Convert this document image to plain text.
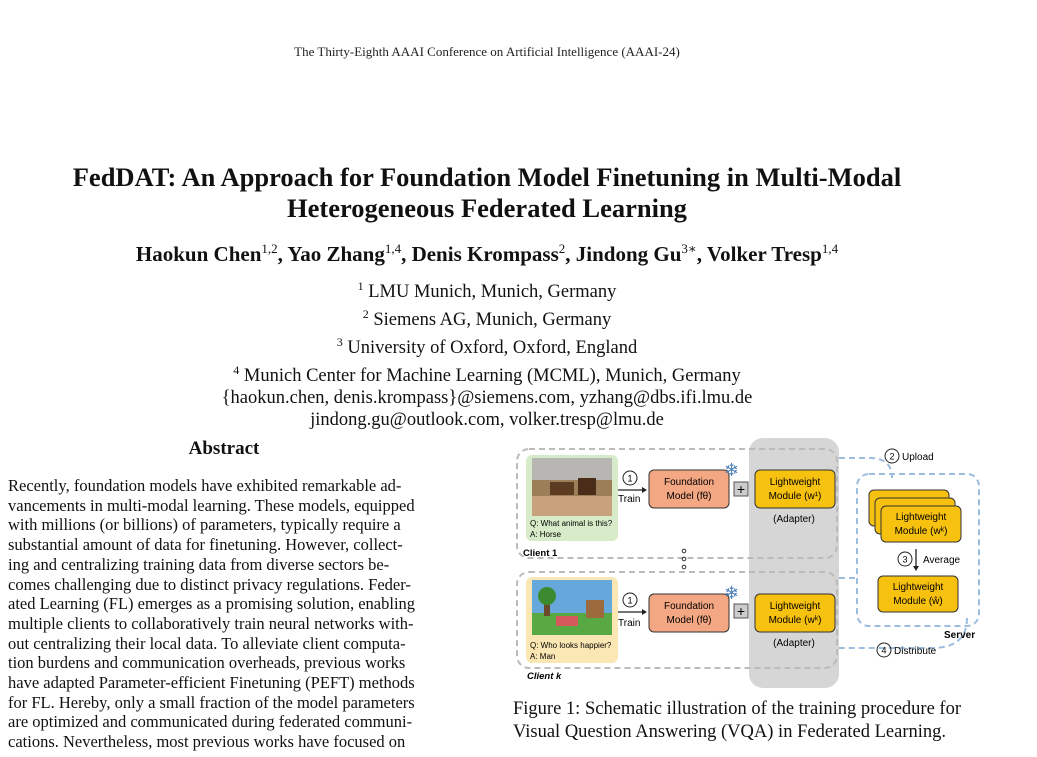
The Thirty-Eighth AAAI Conference on Artificial Intelligence (AAAI-24)
FedDAT: An Approach for Foundation Model Finetuning in Multi-Modal
Heterogeneous Federated Learning
Haokun Chen$^{1,2}$, Yao Zhang$^{1,4}$, Denis Krompass$^2$, Jindong $Gu^{3∗}$, Volker Tresp$^{1,4}$
$^1$ LMU Munich, Munich, Germany
$^2$ Siemens AG, Munich, Germany
$^3$ University of Oxford, Oxford, England
$^4$ Munich Center for Machine Learning (MCML), Munich, Germany
{haokun.chen, denis.krompass}@siemens.com, yzhang@dbs.ifi.lmu.de
jindong.gu@outlook.com, volker.tresp@lmu.de
Abstract
Recently, foundation models have exhibited remarkable ad-
vancements in multi-modal learning. These models, equipped
with millions (or billions) of parameters, typically require a
substantial amount of data for finetuning. However, collect-
ing and centralizing training data from diverse sectors be-
comes challenging due to distinct privacy regulations. Feder-
ated Learning (FL) emerges as a promising solution, enabling
multiple clients to collaboratively train neural networks with-
out centralizing their local data. To alleviate client computa-
tion burdens and communication overheads, previous works
have adapted Parameter-efficient Finetuning (PEFT) methods
for FL. Hereby, only a small fraction of the model parameters
are optimized and communicated during federated communi-
cations. Nevertheless, most previous works have focused on
Q: What animal is this?
A: Horse
Client 1
1
Train
Foundation
Model (fθ)
❄
+ Lightweight
Module (w¹)
(Adapter)
Q: Who looks happier?
A: Man
Client k
1
Train
Foundation
Model (fθ)
❄
+ Lightweight
Module (wᵏ)
(Adapter)
2 Upload
Lightweight
Module (wᵏ)
3 Average
Lightweight
Module (ŵ)
Server
4 Distribute
Figure 1: Schematic illustration of the training procedure for
Visual Question Answering (VQA) in Federated Learning.
